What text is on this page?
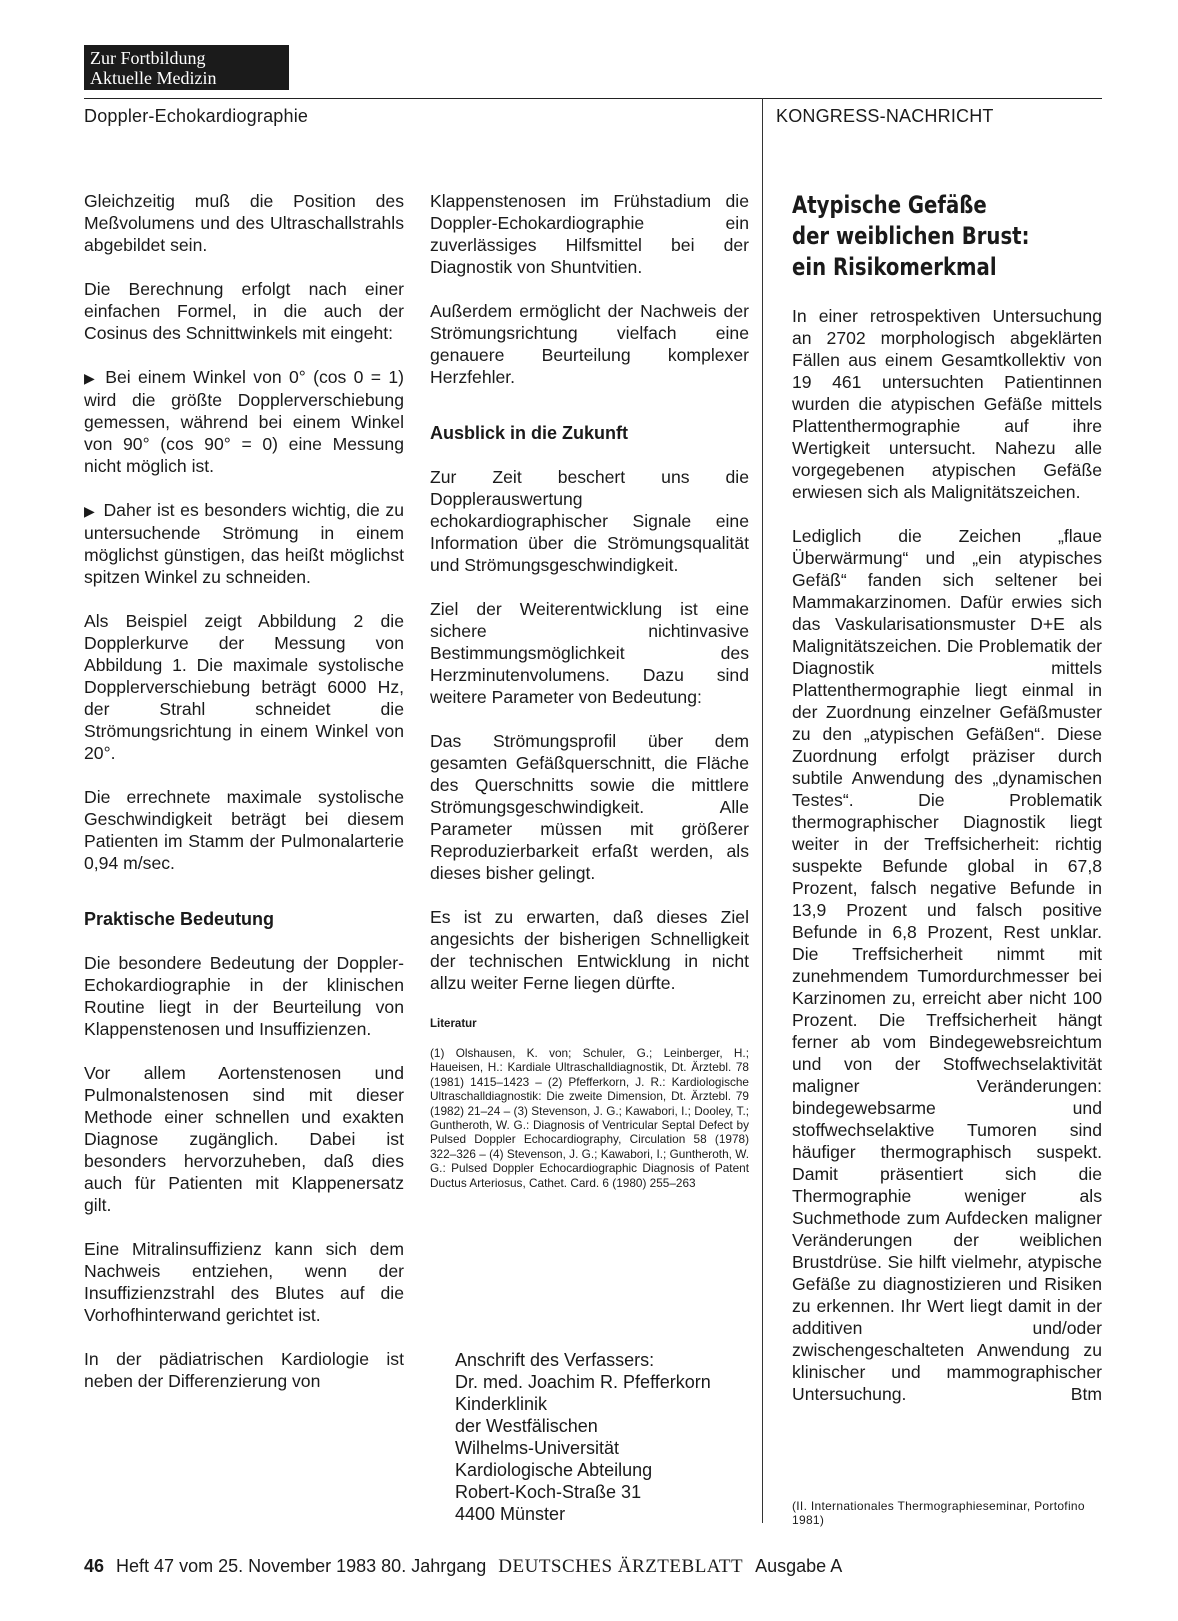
Zur Fortbildung
Aktuelle Medizin
Doppler-Echokardiographie	KONGRESS-NACHRICHT

Gleichzeitig muß die Position des Meßvolumens und des Ultraschallstrahls abgebildet sein.

Die Berechnung erfolgt nach einer einfachen Formel, in die auch der Cosinus des Schnittwinkels mit eingeht:

▶ Bei einem Winkel von 0° (cos 0 = 1) wird die größte Dopplerverschiebung gemessen, während bei einem Winkel von 90° (cos 90° = 0) eine Messung nicht möglich ist.

▶ Daher ist es besonders wichtig, die zu untersuchende Strömung in einem möglichst günstigen, das heißt möglichst spitzen Winkel zu schneiden.

Als Beispiel zeigt Abbildung 2 die Dopplerkurve der Messung von Abbildung 1. Die maximale systolische Dopplerverschiebung beträgt 6000 Hz, der Strahl schneidet die Strömungsrichtung in einem Winkel von 20°.

Die errechnete maximale systolische Geschwindigkeit beträgt bei diesem Patienten im Stamm der Pulmonalarterie 0,94 m/sec.

Praktische Bedeutung

Die besondere Bedeutung der Doppler-Echokardiographie in der klinischen Routine liegt in der Beurteilung von Klappenstenosen und Insuffizienzen.

Vor allem Aortenstenosen und Pulmonalstenosen sind mit dieser Methode einer schnellen und exakten Diagnose zugänglich. Dabei ist besonders hervorzuheben, daß dies auch für Patienten mit Klappenersatz gilt.

Eine Mitralinsuffizienz kann sich dem Nachweis entziehen, wenn der Insuffizienzstrahl des Blutes auf die Vorhofhinterwand gerichtet ist.

In der pädiatrischen Kardiologie ist neben der Differenzierung von

Klappenstenosen im Frühstadium die Doppler-Echokardiographie ein zuverlässiges Hilfsmittel bei der Diagnostik von Shuntvitien.

Außerdem ermöglicht der Nachweis der Strömungsrichtung vielfach eine genauere Beurteilung komplexer Herzfehler.

Ausblick in die Zukunft

Zur Zeit beschert uns die Dopplerauswertung echokardiographischer Signale eine Information über die Strömungsqualität und Strömungsgeschwindigkeit.

Ziel der Weiterentwicklung ist eine sichere nichtinvasive Bestimmungsmöglichkeit des Herzminutenvolumens. Dazu sind weitere Parameter von Bedeutung:

Das Strömungsprofil über dem gesamten Gefäßquerschnitt, die Fläche des Querschnitts sowie die mittlere Strömungsgeschwindigkeit. Alle Parameter müssen mit größerer Reproduzierbarkeit erfaßt werden, als dieses bisher gelingt.

Es ist zu erwarten, daß dieses Ziel angesichts der bisherigen Schnelligkeit der technischen Entwicklung in nicht allzu weiter Ferne liegen dürfte.

Literatur

(1) Olshausen, K. von; Schuler, G.; Leinberger, H.; Haueisen, H.: Kardiale Ultraschalldiagnostik, Dt. Ärztebl. 78 (1981) 1415–1423 – (2) Pfefferkorn, J. R.: Kardiologische Ultraschalldiagnostik: Die zweite Dimension, Dt. Ärztebl. 79 (1982) 21–24 – (3) Stevenson, J. G.; Kawabori, I.; Dooley, T.; Guntheroth, W. G.: Diagnosis of Ventricular Septal Defect by Pulsed Doppler Echocardiography, Circulation 58 (1978) 322–326 – (4) Stevenson, J. G.; Kawabori, I.; Guntheroth, W. G.: Pulsed Doppler Echocardiographic Diagnosis of Patent Ductus Arteriosus, Cathet. Card. 6 (1980) 255–263

Anschrift des Verfassers:
Dr. med. Joachim R. Pfefferkorn
Kinderklinik
der Westfälischen
Wilhelms-Universität
Kardiologische Abteilung
Robert-Koch-Straße 31
4400 Münster
Atypische Gefäße
der weiblichen Brust:
ein Risikomerkmal

In einer retrospektiven Untersuchung an 2702 morphologisch abgeklärten Fällen aus einem Gesamtkollektiv von 19 461 untersuchten Patientinnen wurden die atypischen Gefäße mittels Plattenthermographie auf ihre Wertigkeit untersucht. Nahezu alle vorgegebenen atypischen Gefäße erwiesen sich als Malignitätszeichen.

Lediglich die Zeichen „flaue Überwärmung“ und „ein atypisches Gefäß“ fanden sich seltener bei Mammakarzinomen. Dafür erwies sich das Vaskularisationsmuster D+E als Malignitätszeichen. Die Problematik der Diagnostik mittels Plattenthermographie liegt einmal in der Zuordnung einzelner Gefäßmuster zu den „atypischen Gefäßen“. Diese Zuordnung erfolgt präziser durch subtile Anwendung des „dynamischen Testes“. Die Problematik thermographischer Diagnostik liegt weiter in der Treffsicherheit: richtig suspekte Befunde global in 67,8 Prozent, falsch negative Befunde in 13,9 Prozent und falsch positive Befunde in 6,8 Prozent, Rest unklar. Die Treffsicherheit nimmt mit zunehmendem Tumordurchmesser bei Karzinomen zu, erreicht aber nicht 100 Prozent. Die Treffsicherheit hängt ferner ab vom Bindegewebsreichtum und von der Stoffwechselaktivität maligner Veränderungen: bindegewebsarme und stoffwechselaktive Tumoren sind häufiger thermographisch suspekt. Damit präsentiert sich die Thermographie weniger als Suchmethode zum Aufdecken maligner Veränderungen der weiblichen Brustdrüse. Sie hilft vielmehr, atypische Gefäße zu diagnostizieren und Risiken zu erkennen. Ihr Wert liegt damit in der additiven und/oder zwischengeschalteten Anwendung zu klinischer und mammographischer Untersuchung.	Btm

(II. Internationales Thermographieseminar, Portofino 1981)
46 Heft 47 vom 25. November 1983 80. Jahrgang DEUTSCHES ÄRZTEBLATT Ausgabe A
